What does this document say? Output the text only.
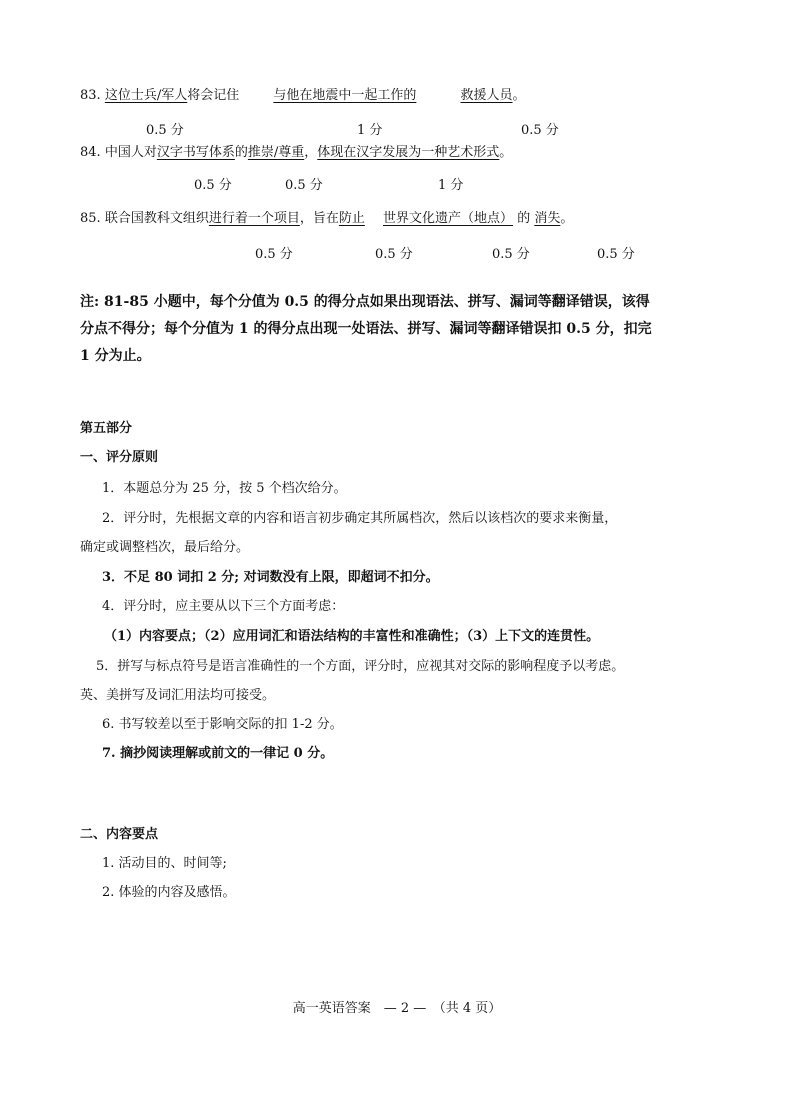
83. 这位士兵/军人将会记住	与他在地震中一起工作的	救援人员。
0.5 分	1 分	0.5 分
84. 中国人对汉字书写体系的推崇/尊重，体现在汉字发展为一种艺术形式。
0.5 分	0.5 分	1 分
85. 联合国教科文组织进行着一个项目，旨在防止 世界文化遗产（地点） 的 消失。
0.5 分	0.5 分	0.5 分	0.5 分
注: 81-85 小题中，每个分值为 0.5 的得分点如果出现语法、拼写、漏词等翻译错误，该得
分点不得分；每个分值为 1 的得分点出现一处语法、拼写、漏词等翻译错误扣 0.5 分，扣完
1 分为止。
第五部分
一、评分原则
1．本题总分为 25 分，按 5 个档次给分。
2．评分时，先根据文章的内容和语言初步确定其所属档次，然后以该档次的要求来衡量，
确定或调整档次，最后给分。
3．不足 80 词扣 2 分; 对词数没有上限，即超词不扣分。
4．评分时，应主要从以下三个方面考虑：
（1）内容要点；（2）应用词汇和语法结构的丰富性和准确性；（3）上下文的连贯性。
5．拼写与标点符号是语言准确性的一个方面，评分时，应视其对交际的影响程度予以考虑。
英、美拼写及词汇用法均可接受。
6. 书写较差以至于影响交际的扣 1-2 分。
7. 摘抄阅读理解或前文的一律记 0 分。
二、内容要点
1. 活动目的、时间等;
2. 体验的内容及感悟。
高一英语答案　— 2 —　（共 4 页）
